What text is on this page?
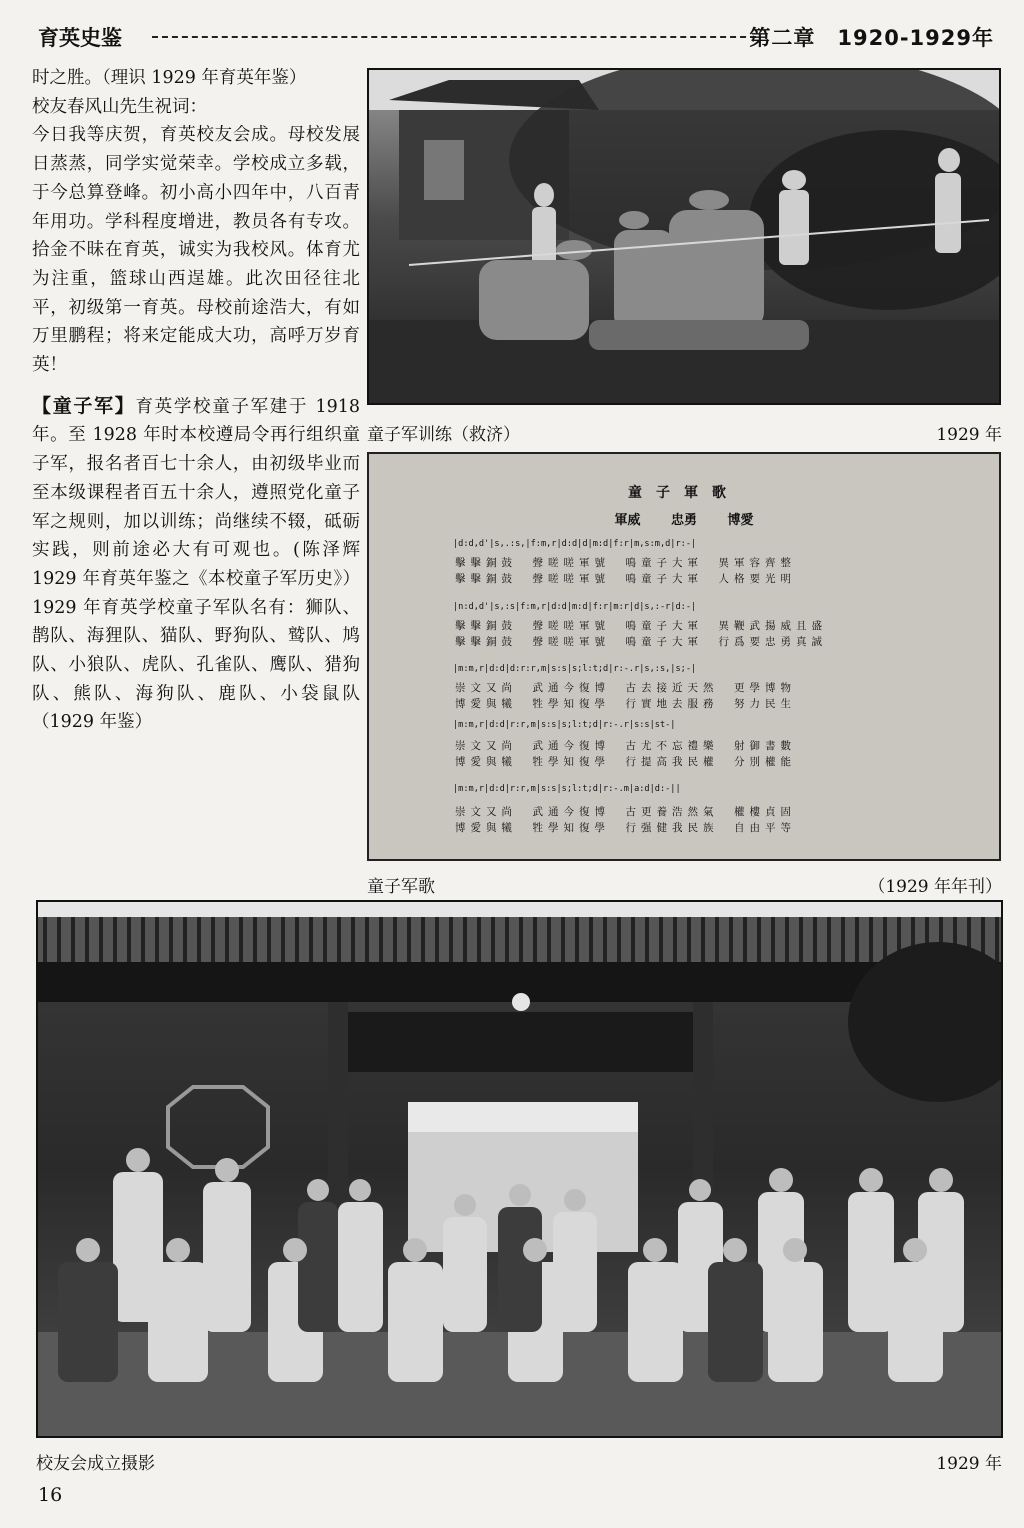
育英史鉴	第二章　1920-1929年

时之胜。（理识 1929 年育英年鉴）

校友春风山先生祝词：

今日我等庆贺，育英校友会成。母校发展日蒸蒸，同学实觉荣幸。学校成立多载，于今总算登峰。初小高小四年中，八百青年用功。学科程度增进，教员各有专攻。拾金不昧在育英，诚实为我校风。体育尤为注重，篮球山西逞雄。此次田径往北平，初级第一育英。母校前途浩大，有如万里鹏程；将来定能成大功，高呼万岁育英！

【童子军】育英学校童子军建于 1918 年。至 1928 年时本校遵局令再行组织童子军，报名者百七十余人，由初级毕业而至本级课程者百五十余人，遵照党化童子军之规则，加以训练；尚继续不辍，砥砺实践，则前途必大有可观也。(陈泽辉 1929 年育英年鉴之《本校童子军历史》）1929 年育英学校童子军队名有：狮队、鹊队、海狸队、猫队、野狗队、鹫队、鸠队、小狼队、虎队、孔雀队、鹰队、猎狗队、熊队、海狗队、鹿队、小袋鼠队（1929 年鉴）

童子军训练（救济）	1929 年
童子軍歌
軍威 忠勇 博愛
|d:d,d'|s,.:s,|f:m,r|d:d|d|m:d|f:r|m,s:m,d|r:-|
擊擊銅鼓　聲嗟嗟軍號　鳴童子大軍　異軍容齊整
擊擊銅鼓　聲嗟嗟軍號　鳴童子大軍　人格要光明
|n:d,d'|s,:s|f:m,r|d:d|m:d|f:r|m:r|d|s,:-r|d:-|
擊擊銅鼓　聲嗟嗟軍號　鳴童子大軍　異鞭武揚威且盛
擊擊銅鼓　聲嗟嗟軍號　鳴童子大軍　行爲要忠勇真誠
|m:m,r|d:d|d:r:r,m|s:s|s;l:t;d|r:-.r|s,:s,|s;-|
崇文又尚　武通今復博　古去接近天然　更學博物
博愛與犧　牲學知復學　行實地去服務　努力民生
|m:m,r|d:d|r:r,m|s:s|s;l:t;d|r:-.r|s:s|st-|
崇文又尚　武通今復博　古尤不忘禮樂　射御書數
博愛與犧　牲學知復學　行提高我民權　分別權能
|m:m,r|d:d|r:r,m|s:s|s;l:t;d|r:-.m|a:d|d:-||
崇文又尚　武通今復博　古更養浩然氣　權樓貞固
博愛與犧　牲學知復學　行强健我民族　自由平等
童子军歌	（1929 年年刊）
校友会成立摄影	1929 年
16
